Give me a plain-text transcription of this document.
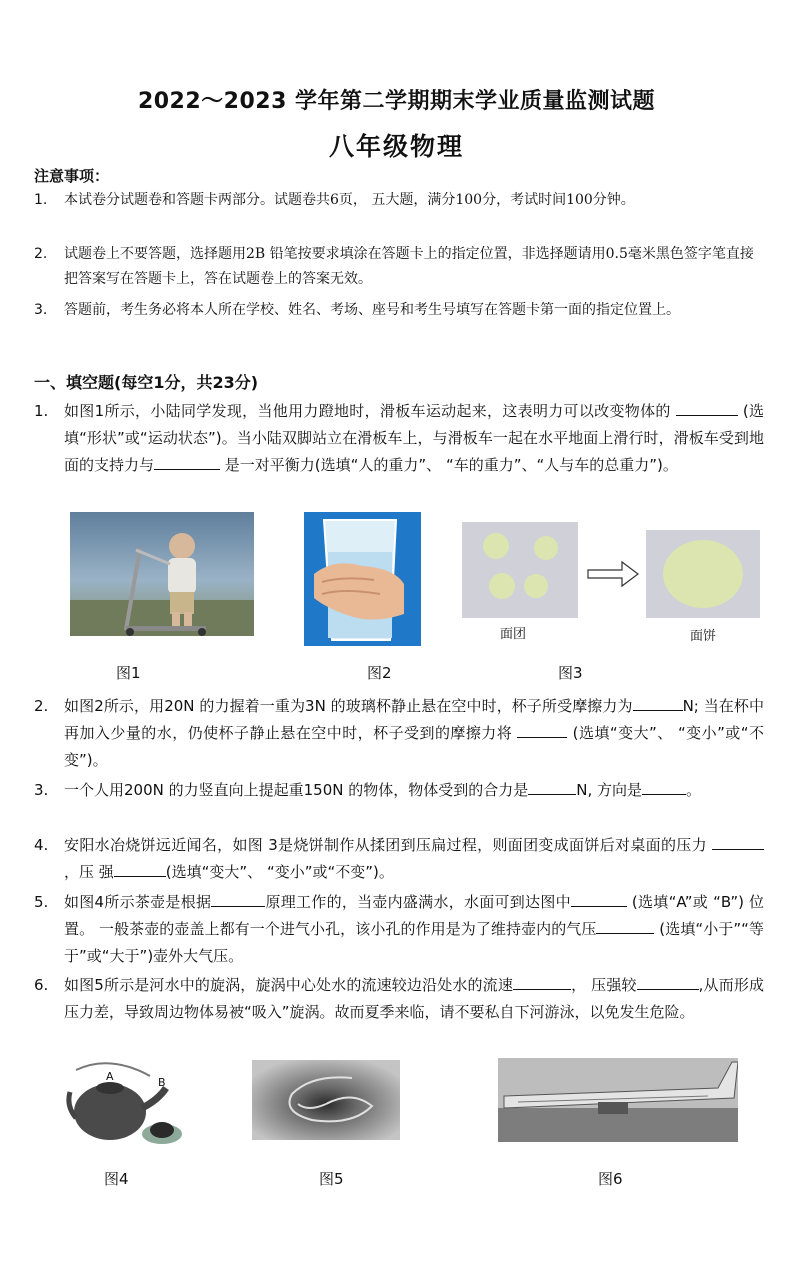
2022～2023 学年第二学期期末学业质量监测试题
八年级物理
注意事项：
1. 本试卷分试题卷和答题卡两部分。试题卷共6页， 五大题，满分100分，考试时间100分钟。
2. 试题卷上不要答题，选择题用2B 铅笔按要求填涂在答题卡上的指定位置，非选择题请用0.5毫米黑色签字笔直接把答案写在答题卡上，答在试题卷上的答案无效。
3. 答题前，考生务必将本人所在学校、姓名、考场、座号和考生号填写在答题卡第一面的指定位置上。
一、填空题(每空1分，共23分)
1. 如图1所示，小陆同学发现，当他用力蹬地时，滑板车运动起来，这表明力可以改变物体的	(选填“形状”或“运动状态”)。当小陆双脚站立在滑板车上，与滑板车一起在水平地面上滑行时，滑板车受到地面的支持力与	是一对平衡力(选填“人的重力”、 “车的重力”、“人与车的总重力”)。
面团	面饼
图1	图2	图3
2. 如图2所示，用20N 的力握着一重为3N 的玻璃杯静止悬在空中时，杯子所受摩擦力为	N; 当在杯中再加入少量的水，仍使杯子静止悬在空中时，杯子受到的摩擦力将	(选填“变大”、 “变小”或“不变”)。
3. 一个人用200N 的力竖直向上提起重150N 的物体，物体受到的合力是	N, 方向是	。
4. 安阳水冶烧饼远近闻名，如图 3是烧饼制作从揉团到压扁过程，则面团变成面饼后对桌面的压力 ，压 强	(选填“变大”、 “变小”或“不变”)。
5. 如图4所示茶壶是根据	原理工作的，当壶内盛满水，水面可到达图中	(选填“A”或 “B”) 位置。 一般茶壶的壶盖上都有一个进气小孔，该小孔的作用是为了维持壶内的气压	(选填“小于”“等于”或“大于”)壶外大气压。
6. 如图5所示是河水中的旋涡，旋涡中心处水的流速较边沿处水的流速	， 压强较	,从而形成压力差，导致周边物体易被“吸入”旋涡。故而夏季来临，请不要私自下河游泳，以免发生危险。
A	B
图4	图5	图6
